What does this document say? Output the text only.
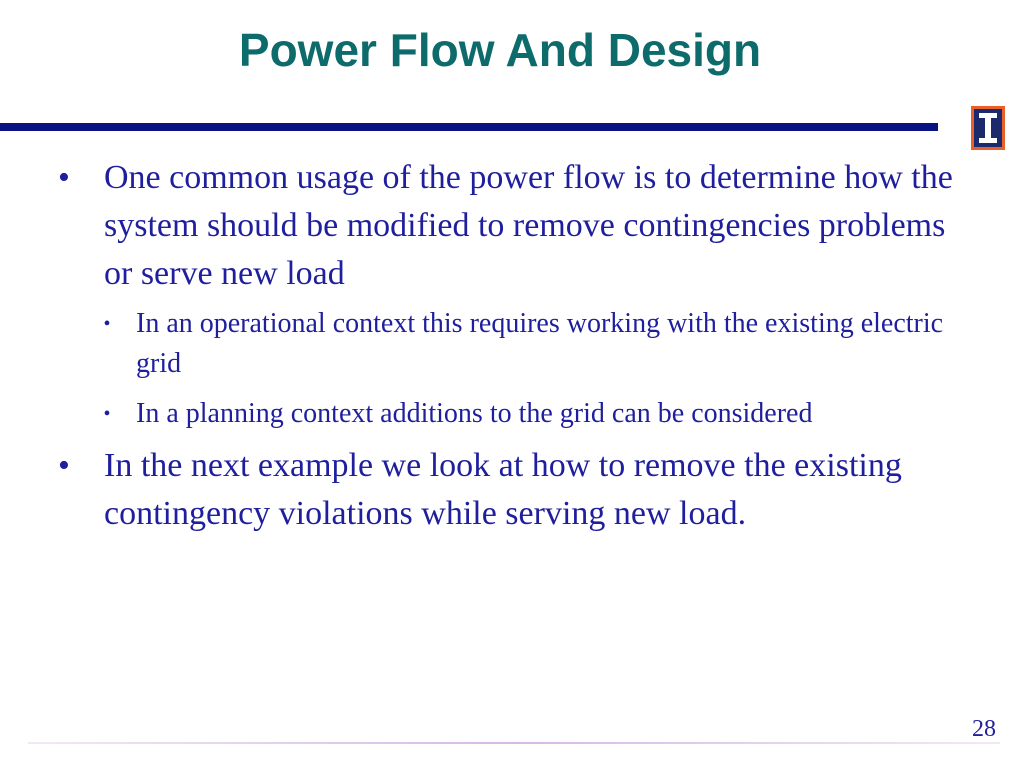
Power Flow And Design
• One common usage of the power flow is to determine how the system should be modified to remove contingencies problems or serve new load
• In an operational context this requires working with the existing electric grid
• In a planning context additions to the grid can be considered
• In the next example we look at how to remove the existing contingency violations while serving new load.
28
